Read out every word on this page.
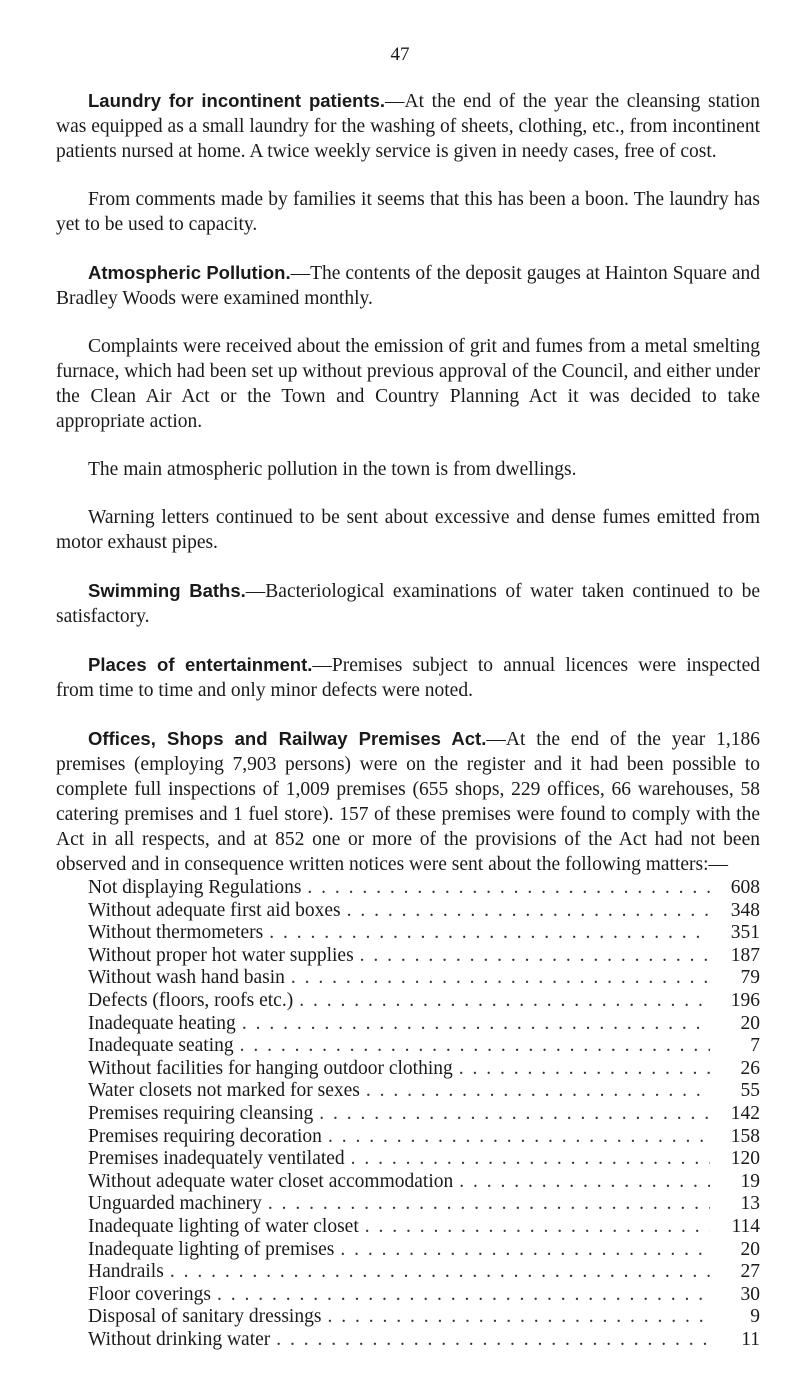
47

Laundry for incontinent patients.—At the end of the year the cleansing station was equipped as a small laundry for the washing of sheets, clothing, etc., from incontinent patients nursed at home. A twice weekly service is given in needy cases, free of cost.

From comments made by families it seems that this has been a boon. The laundry has yet to be used to capacity.

Atmospheric Pollution.—The contents of the deposit gauges at Hainton Square and Bradley Woods were examined monthly.

Complaints were received about the emission of grit and fumes from a metal smelting furnace, which had been set up without previous approval of the Council, and either under the Clean Air Act or the Town and Country Planning Act it was decided to take appropriate action.

The main atmospheric pollution in the town is from dwellings.

Warning letters continued to be sent about excessive and dense fumes emitted from motor exhaust pipes.

Swimming Baths.—Bacteriological examinations of water taken continued to be satisfactory.

Places of entertainment.—Premises subject to annual licences were inspected from time to time and only minor defects were noted.

Offices, Shops and Railway Premises Act.—At the end of the year 1,186 premises (employing 7,903 persons) were on the register and it had been possible to complete full inspections of 1,009 premises (655 shops, 229 offices, 66 warehouses, 58 catering premises and 1 fuel store). 157 of these premises were found to comply with the Act in all respects, and at 852 one or more of the provisions of the Act had not been observed and in consequence written notices were sent about the following matters:—

Not displaying Regulations . . .	608
Without adequate first aid boxes . . .	348
Without thermometers . . .	351
Without proper hot water supplies . . .	187
Without wash hand basin . . .	79
Defects (floors, roofs etc.) . . .	196
Inadequate heating . . .	20
Inadequate seating . . .	7
Without facilities for hanging outdoor clothing . . .	26
Water closets not marked for sexes . . .	55
Premises requiring cleansing . . .	142
Premises requiring decoration . . .	158
Premises inadequately ventilated . . .	120
Without adequate water closet accommodation . . .	19
Unguarded machinery . . .	13
Inadequate lighting of water closet . . .	114
Inadequate lighting of premises . . .	20
Handrails . . .	27
Floor coverings . . .	30
Disposal of sanitary dressings . . .	9
Without drinking water . . .	11
